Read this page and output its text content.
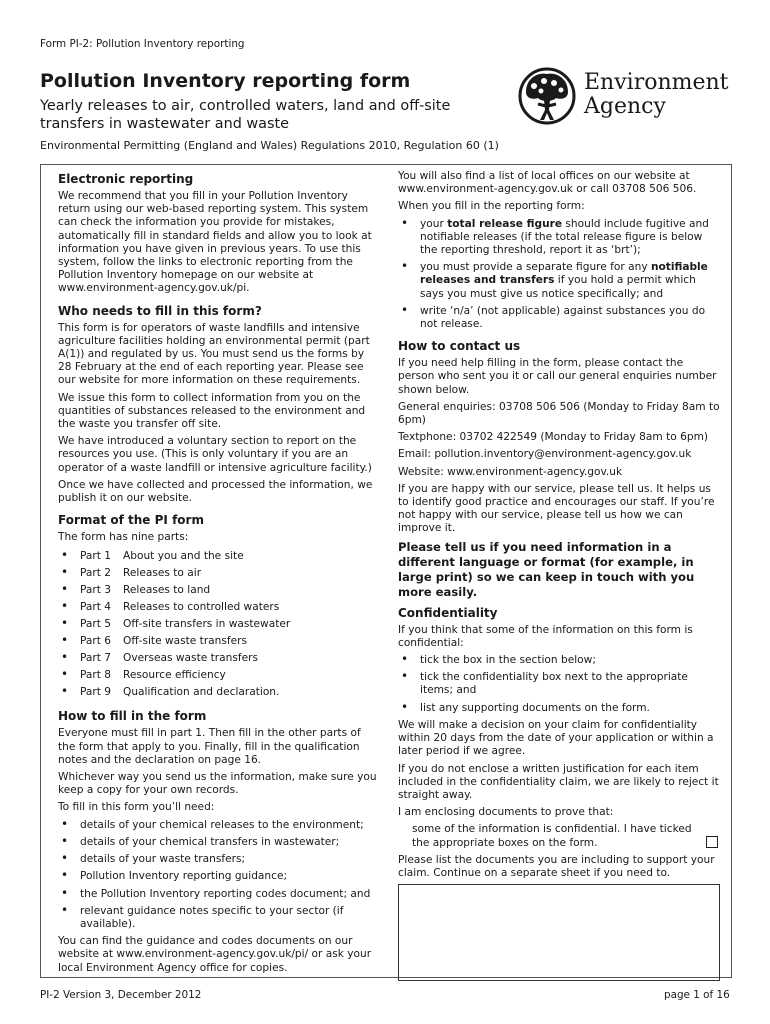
Form PI-2: Pollution Inventory reporting
Pollution Inventory reporting form
Yearly releases to air, controlled waters, land and off-site transfers in wastewater and waste
Environmental Permitting (England and Wales) Regulations 2010, Regulation 60 (1)
Environment
Agency
Electronic reporting

We recommend that you fill in your Pollution Inventory return using our web-based reporting system. This system can check the information you provide for mistakes, automatically fill in standard fields and allow you to look at information you have given in previous years. To use this system, follow the links to electronic reporting from the Pollution Inventory homepage on our website at www.environment-agency.gov.uk/pi.

Who needs to fill in this form?

This form is for operators of waste landfills and intensive agriculture facilities holding an environmental permit (part A(1)) and regulated by us. You must send us the forms by 28 February at the end of each reporting year. Please see our website for more information on these requirements.

We issue this form to collect information from you on the quantities of substances released to the environment and the waste you transfer off site.

We have introduced a voluntary section to report on the resources you use. (This is only voluntary if you are an operator of a waste landfill or intensive agriculture facility.)

Once we have collected and processed the information, we publish it on our website.

Format of the PI form

The form has nine parts:

• Part 1	About you and the site
• Part 2	Releases to air
• Part 3	Releases to land
• Part 4	Releases to controlled waters
• Part 5	Off-site transfers in wastewater
• Part 6	Off-site waste transfers
• Part 7	Overseas waste transfers
• Part 8	Resource efficiency
• Part 9	Qualification and declaration.
How to fill in the form

Everyone must fill in part 1. Then fill in the other parts of the form that apply to you. Finally, fill in the qualification notes and the declaration on page 16.

Whichever way you send us the information, make sure you keep a copy for your own records.

To fill in this form you’ll need:

• details of your chemical releases to the environment;

• details of your chemical transfers in wastewater;

• details of your waste transfers;

• Pollution Inventory reporting guidance;

• the Pollution Inventory reporting codes document; and

• relevant guidance notes specific to your sector (if available).

You can find the guidance and codes documents on our website at www.environment-agency.gov.uk/pi/ or ask your local Environment Agency office for copies.

You will also find a list of local offices on our website at www.environment-agency.gov.uk or call 03708 506 506.

When you fill in the reporting form:

• your total release figure should include fugitive and notifiable releases (if the total release figure is below the reporting threshold, report it as ‘brt’);

• you must provide a separate figure for any notifiable releases and transfers if you hold a permit which says you must give us notice specifically; and

• write ‘n/a’ (not applicable) against substances you do not release.

How to contact us

If you need help filling in the form, please contact the person who sent you it or call our general enquiries number shown below.

General enquiries: 03708 506 506 (Monday to Friday 8am to 6pm)

Textphone: 03702 422549 (Monday to Friday 8am to 6pm)

Email: pollution.inventory@environment-agency.gov.uk

Website: www.environment-agency.gov.uk

If you are happy with our service, please tell us. It helps us to identify good practice and encourages our staff. If you’re not happy with our service, please tell us how we can improve it.

Please tell us if you need information in a different language or format (for example, in large print) so we can keep in touch with you more easily.

Confidentiality

If you think that some of the information on this form is confidential:

• tick the box in the section below;

• tick the confidentiality box next to the appropriate items; and

• list any supporting documents on the form.

We will make a decision on your claim for confidentiality within 20 days from the date of your application or within a later period if we agree.

If you do not enclose a written justification for each item included in the confidentiality claim, we are likely to reject it straight away.

I am enclosing documents to prove that:

some of the information is confidential. I have ticked the appropriate boxes on the form.

Please list the documents you are including to support your claim. Continue on a separate sheet if you need to.

PI-2 Version 3, December 2012	page 1 of 16
